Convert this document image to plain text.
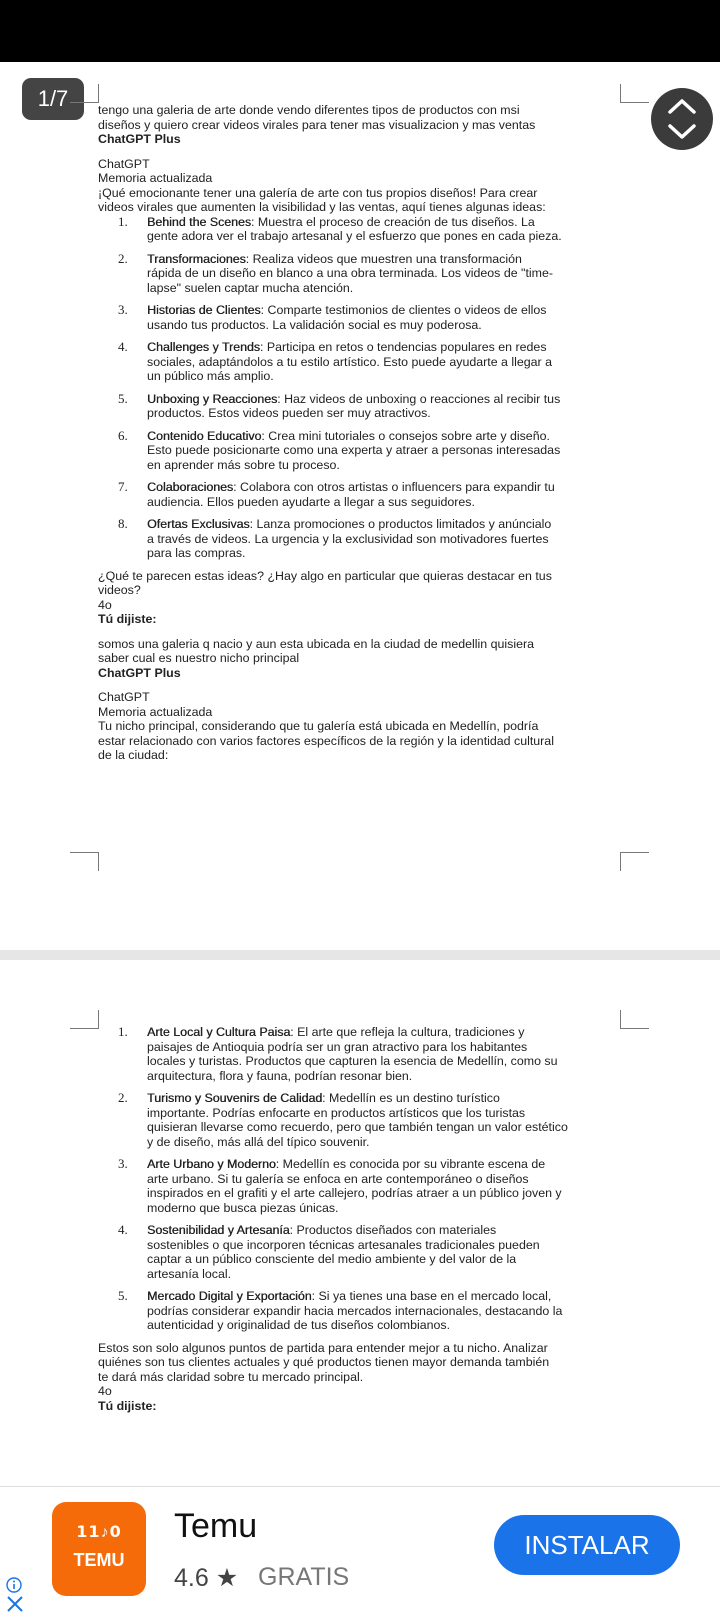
1/7	tengo una galeria de arte donde vendo diferentes tipos de productos con msi
diseños y quiero crear videos virales para tener mas visualizacion y mas ventas

ChatGPT Plus

ChatGPT

Memoria actualizada

¡Qué emocionante tener una galería de arte con tus propios diseños! Para crear
videos virales que aumenten la visibilidad y las ventas, aquí tienes algunas ideas:

1. Behind the Scenes: Muestra el proceso de creación de tus diseños. La
gente adora ver el trabajo artesanal y el esfuerzo que pones en cada pieza.
2. Transformaciones: Realiza videos que muestren una transformación
rápida de un diseño en blanco a una obra terminada. Los videos de "time-
lapse" suelen captar mucha atención.
3. Historias de Clientes: Comparte testimonios de clientes o videos de ellos
usando tus productos. La validación social es muy poderosa.
4. Challenges y Trends: Participa en retos o tendencias populares en redes
sociales, adaptándolos a tu estilo artístico. Esto puede ayudarte a llegar a
un público más amplio.
5. Unboxing y Reacciones: Haz videos de unboxing o reacciones al recibir tus
productos. Estos videos pueden ser muy atractivos.
6. Contenido Educativo: Crea mini tutoriales o consejos sobre arte y diseño.
Esto puede posicionarte como una experta y atraer a personas interesadas
en aprender más sobre tu proceso.
7. Colaboraciones: Colabora con otros artistas o influencers para expandir tu
audiencia. Ellos pueden ayudarte a llegar a sus seguidores.
8. Ofertas Exclusivas: Lanza promociones o productos limitados y anúncialo
a través de videos. La urgencia y la exclusividad son motivadores fuertes
para las compras.

¿Qué te parecen estas ideas? ¿Hay algo en particular que quieras destacar en tus
videos?

4o

Tú dijiste:

somos una galeria q nacio y aun esta ubicada en la ciudad de medellin quisiera
saber cual es nuestro nicho principal

ChatGPT Plus

ChatGPT

Memoria actualizada

Tu nicho principal, considerando que tu galería está ubicada en Medellín, podría
estar relacionado con varios factores específicos de la región y la identidad cultural
de la ciudad:

1. Arte Local y Cultura Paisa: El arte que refleja la cultura, tradiciones y
paisajes de Antioquia podría ser un gran atractivo para los habitantes
locales y turistas. Productos que capturen la esencia de Medellín, como su
arquitectura, flora y fauna, podrían resonar bien.
2. Turismo y Souvenirs de Calidad: Medellín es un destino turístico
importante. Podrías enfocarte en productos artísticos que los turistas
quisieran llevarse como recuerdo, pero que también tengan un valor estético
y de diseño, más allá del típico souvenir.
3. Arte Urbano y Moderno: Medellín es conocida por su vibrante escena de
arte urbano. Si tu galería se enfoca en arte contemporáneo o diseños
inspirados en el grafiti y el arte callejero, podrías atraer a un público joven y
moderno que busca piezas únicas.
4. Sostenibilidad y Artesanía: Productos diseñados con materiales
sostenibles o que incorporen técnicas artesanales tradicionales pueden
captar a un público consciente del medio ambiente y del valor de la
artesanía local.
5. Mercado Digital y Exportación: Si ya tienes una base en el mercado local,
podrías considerar expandir hacia mercados internacionales, destacando la
autenticidad y originalidad de tus diseños colombianos.

Estos son solo algunos puntos de partida para entender mejor a tu nicho. Analizar
quiénes son tus clientes actuales y qué productos tienen mayor demanda también
te dará más claridad sobre tu mercado principal.

4o

Tú dijiste:

𝟭𝟭♪𝟬
TEMU
Temu
4.6 ★ GRATIS
INSTALAR
